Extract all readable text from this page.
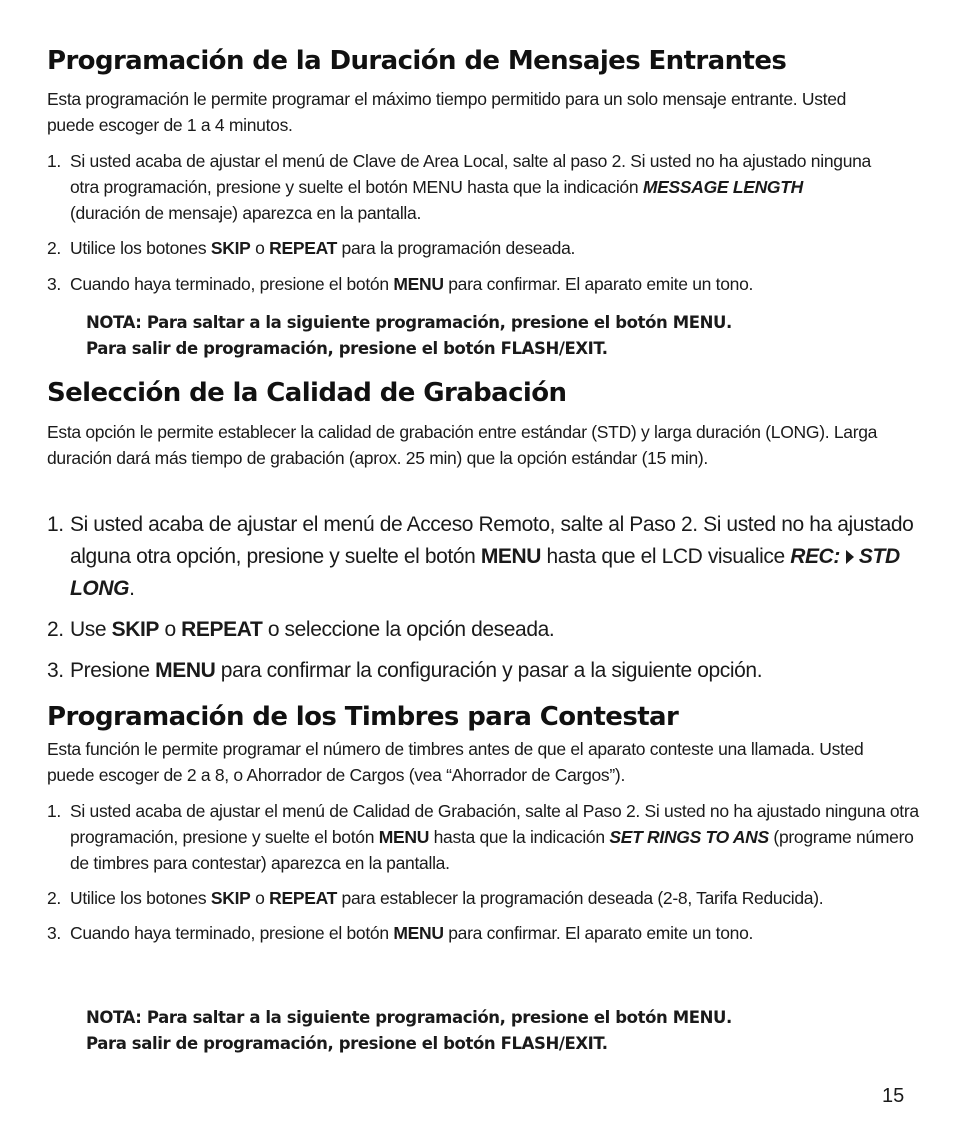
Programación de la Duración de Mensajes Entrantes

Esta programación le permite programar el máximo tiempo permitido para un solo mensaje entrante. Usted puede escoger de 1 a 4 minutos.

1. Si usted acaba de ajustar el menú de Clave de Area Local, salte al paso 2. Si usted no ha ajustado ninguna otra programación, presione y suelte el botón MENU hasta que la indicación MESSAGE LENGTH (duración de mensaje) aparezca en la pantalla.
2. Utilice los botones SKIP o REPEAT para la programación deseada.
3. Cuando haya terminado, presione el botón MENU para confirmar. El aparato emite un tono.

NOTA: Para saltar a la siguiente programación, presione el botón MENU.

Para salir de programación, presione el botón FLASH/EXIT.

Selección de la Calidad de Grabación

Esta opción le permite establecer la calidad de grabación entre estándar (STD) y larga duración (LONG). Larga duración dará más tiempo de grabación (aprox. 25 min) que la opción estándar (15 min).

1. Si usted acaba de ajustar el menú de Acceso Remoto, salte al Paso 2. Si usted no ha ajustado alguna otra opción, presione y suelte el botón MENU hasta que el LCD visualice REC: STD LONG.
2. Use SKIP o REPEAT o seleccione la opción deseada.
3. Presione MENU para confirmar la configuración y pasar a la siguiente opción.
Programación de los Timbres para Contestar

Esta función le permite programar el número de timbres antes de que el aparato conteste una llamada. Usted puede escoger de 2 a 8, o Ahorrador de Cargos (vea “Ahorrador de Cargos”).

1. Si usted acaba de ajustar el menú de Calidad de Grabación, salte al Paso 2. Si usted no ha ajustado ninguna otra programación, presione y suelte el botón MENU hasta que la indicación SET RINGS TO ANS (programe número de timbres para contestar) aparezca en la pantalla.
2. Utilice los botones SKIP o REPEAT para establecer la programación deseada (2-8, Tarifa Reducida).
3. Cuando haya terminado, presione el botón MENU para confirmar. El aparato emite un tono.

NOTA: Para saltar a la siguiente programación, presione el botón MENU.

Para salir de programación, presione el botón FLASH/EXIT.

15
